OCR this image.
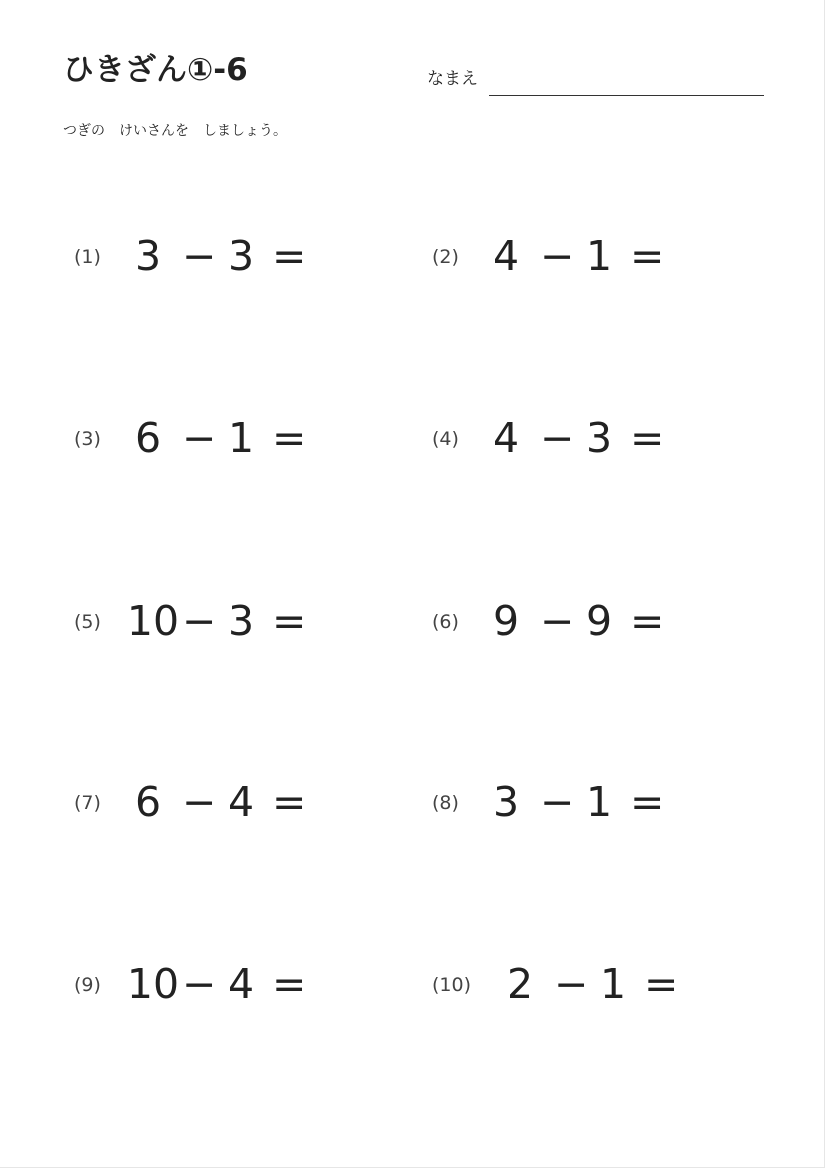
ひきざん①-6	なまえ
つぎの　けいさんを　しましょう。
(1) 3 − 3 =	(2) 4 − 1 =
(3) 6 − 1 =	(4) 4 − 3 =
(5) 10 − 3 =	(6) 9 − 9 =
(7) 6 − 4 =	(8) 3 − 1 =
(9) 10 − 4 =	(10) 2 − 1 =
